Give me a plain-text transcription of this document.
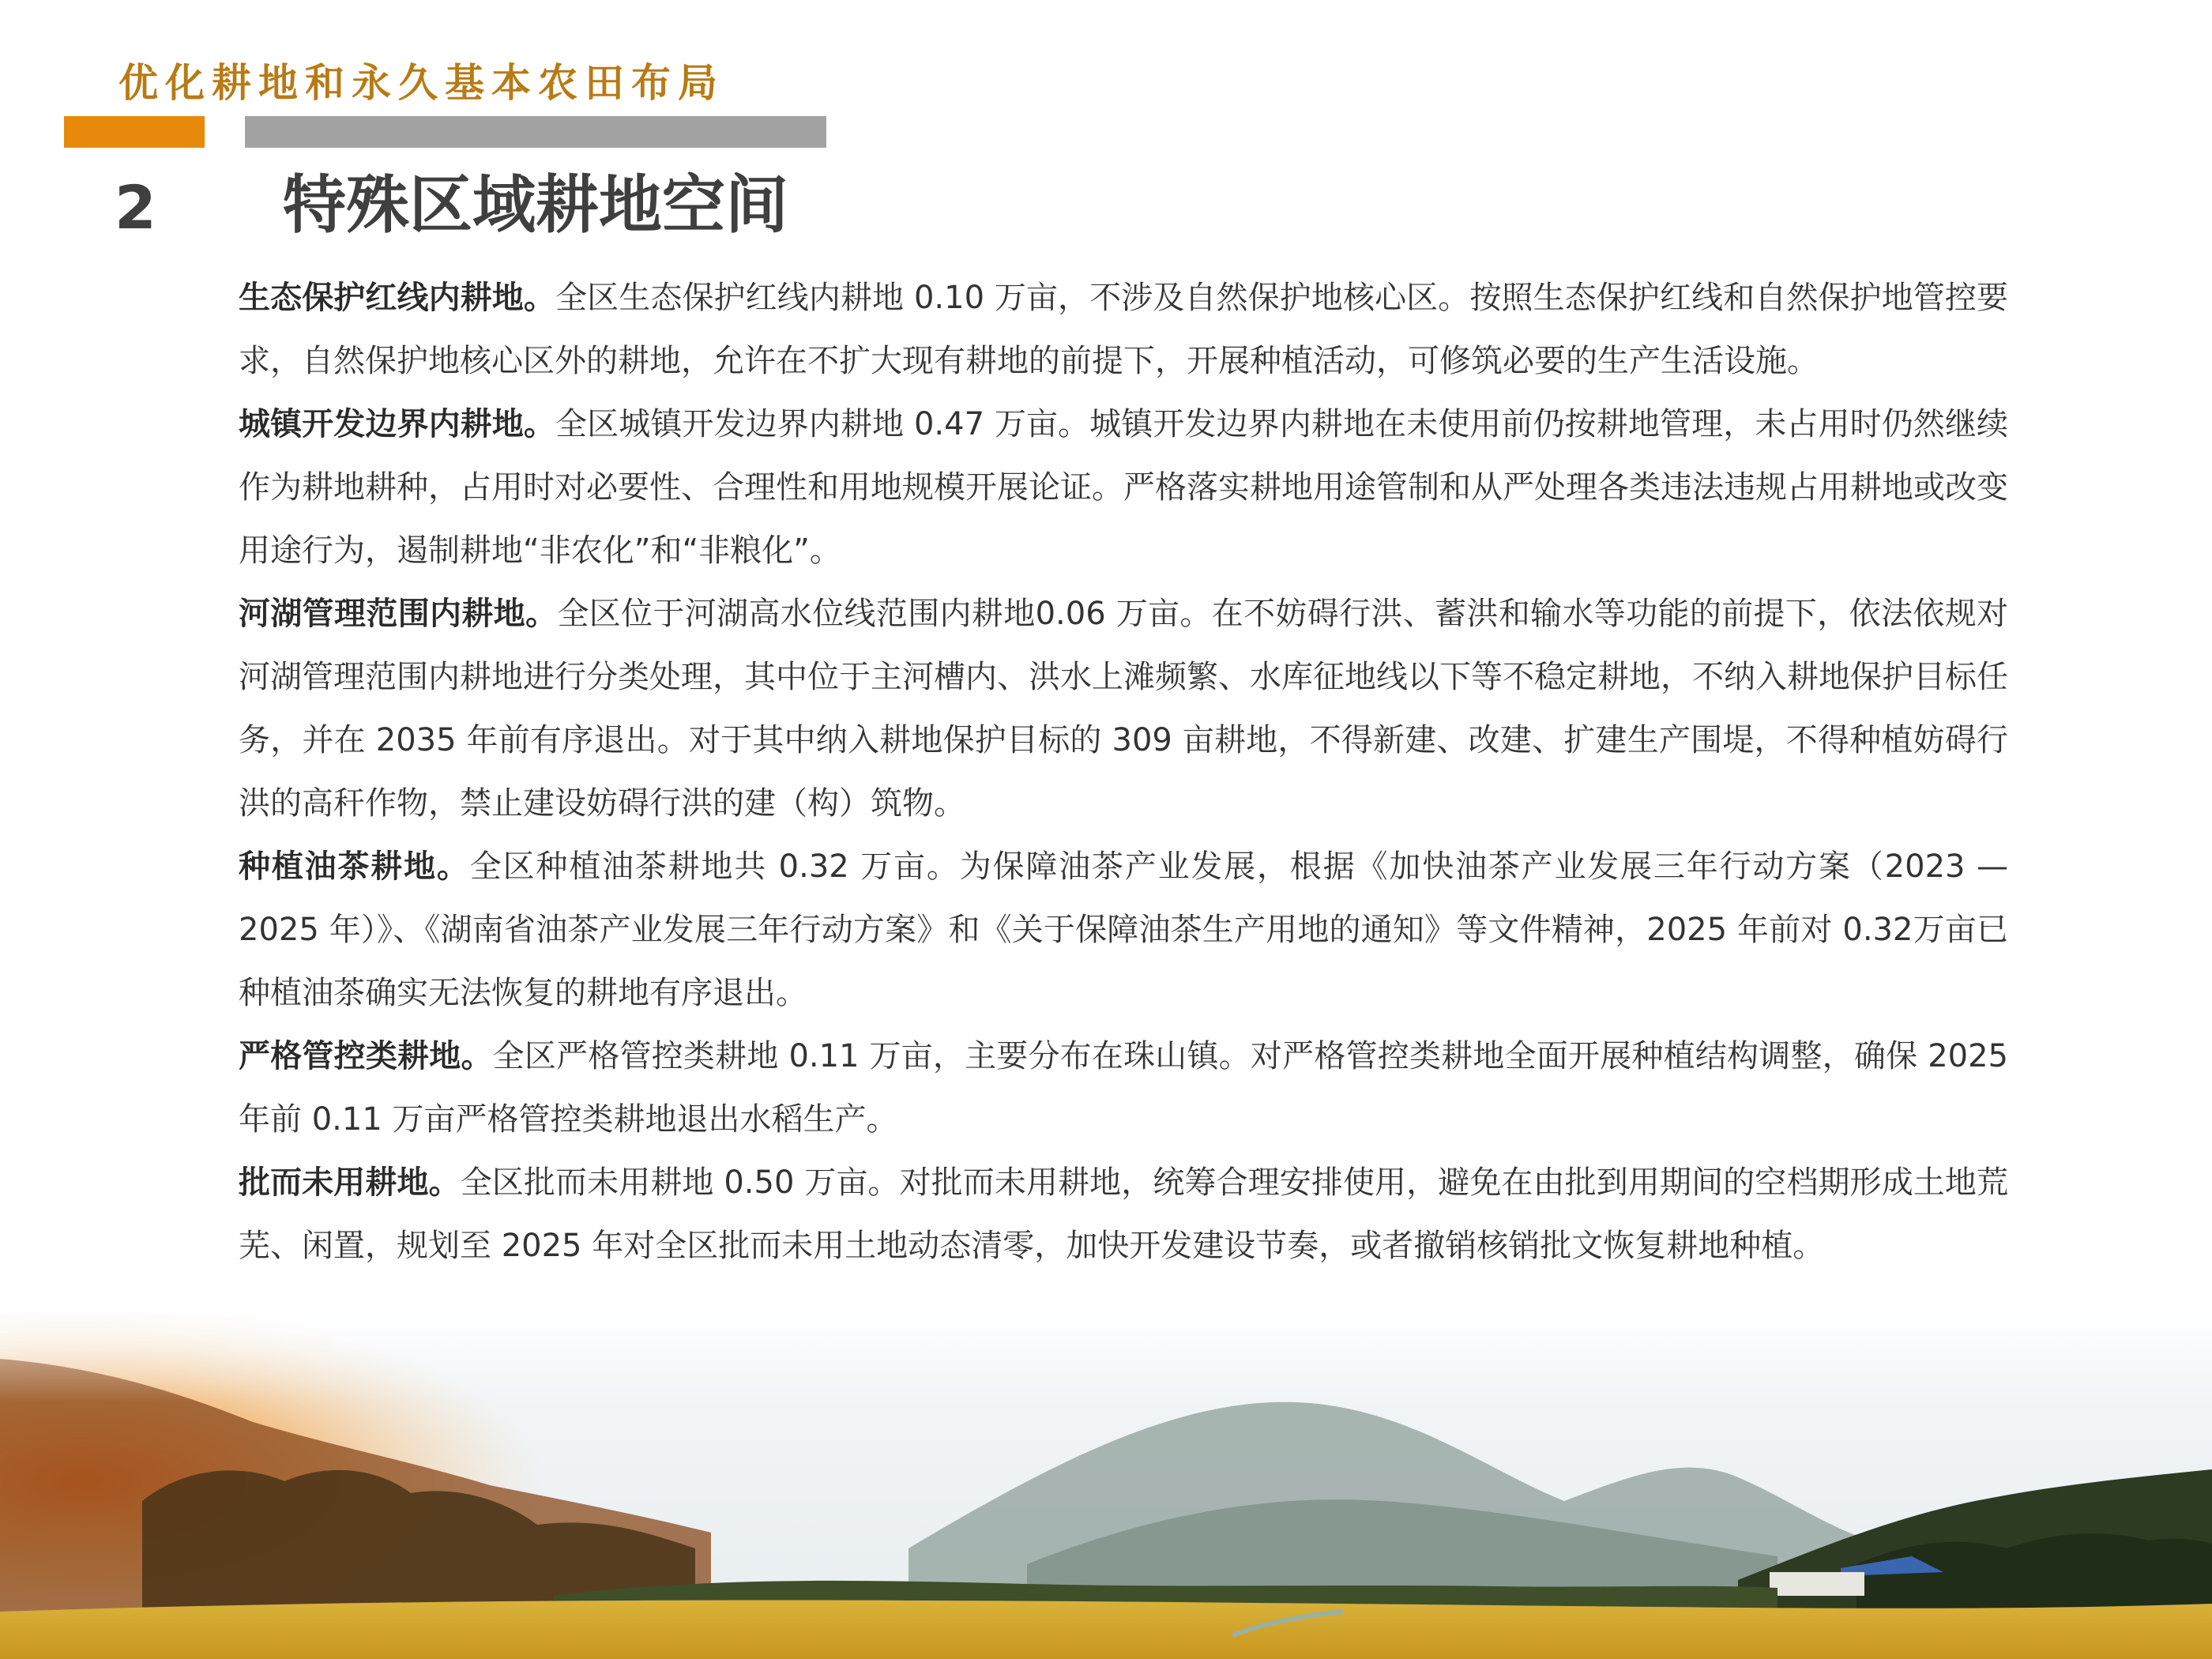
优化耕地和永久基本农田布局
2 特殊区域耕地空间

生态保护红线内耕地。全区生态保护红线内耕地 0.10 万亩，不涉及自然保护地核心区。按照生态保护红线和自然保护地管控要求，自然保护地核心区外的耕地，允许在不扩大现有耕地的前提下，开展种植活动，可修筑必要的生产生活设施。

城镇开发边界内耕地。全区城镇开发边界内耕地 0.47 万亩。城镇开发边界内耕地在未使用前仍按耕地管理，未占用时仍然继续作为耕地耕种，占用时对必要性、合理性和用地规模开展论证。严格落实耕地用途管制和从严处理各类违法违规占用耕地或改变用途行为，遏制耕地“非农化”和“非粮化”。

河湖管理范围内耕地。全区位于河湖高水位线范围内耕地0.06 万亩。在不妨碍行洪、蓄洪和输水等功能的前提下，依法依规对河湖管理范围内耕地进行分类处理，其中位于主河槽内、洪水上滩频繁、水库征地线以下等不稳定耕地，不纳入耕地保护目标任务，并在 2035 年前有序退出。对于其中纳入耕地保护目标的 309 亩耕地，不得新建、改建、扩建生产围堤，不得种植妨碍行洪的高秆作物，禁止建设妨碍行洪的建（构）筑物。

种植油茶耕地。全区种植油茶耕地共 0.32 万亩。为保障油茶产业发展，根据《加快油茶产业发展三年行动方案（2023 —2025 年）》、《湖南省油茶产业发展三年行动方案》和《关于保障油茶生产用地的通知》等文件精神，2025 年前对 0.32万亩已种植油茶确实无法恢复的耕地有序退出。

严格管控类耕地。全区严格管控类耕地 0.11 万亩，主要分布在珠山镇。对严格管控类耕地全面开展种植结构调整，确保 2025 年前 0.11 万亩严格管控类耕地退出水稻生产。

批而未用耕地。全区批而未用耕地 0.50 万亩。对批而未用耕地，统筹合理安排使用，避免在由批到用期间的空档期形成土地荒芜、闲置，规划至 2025 年对全区批而未用土地动态清零，加快开发建设节奏，或者撤销核销批文恢复耕地种植。
